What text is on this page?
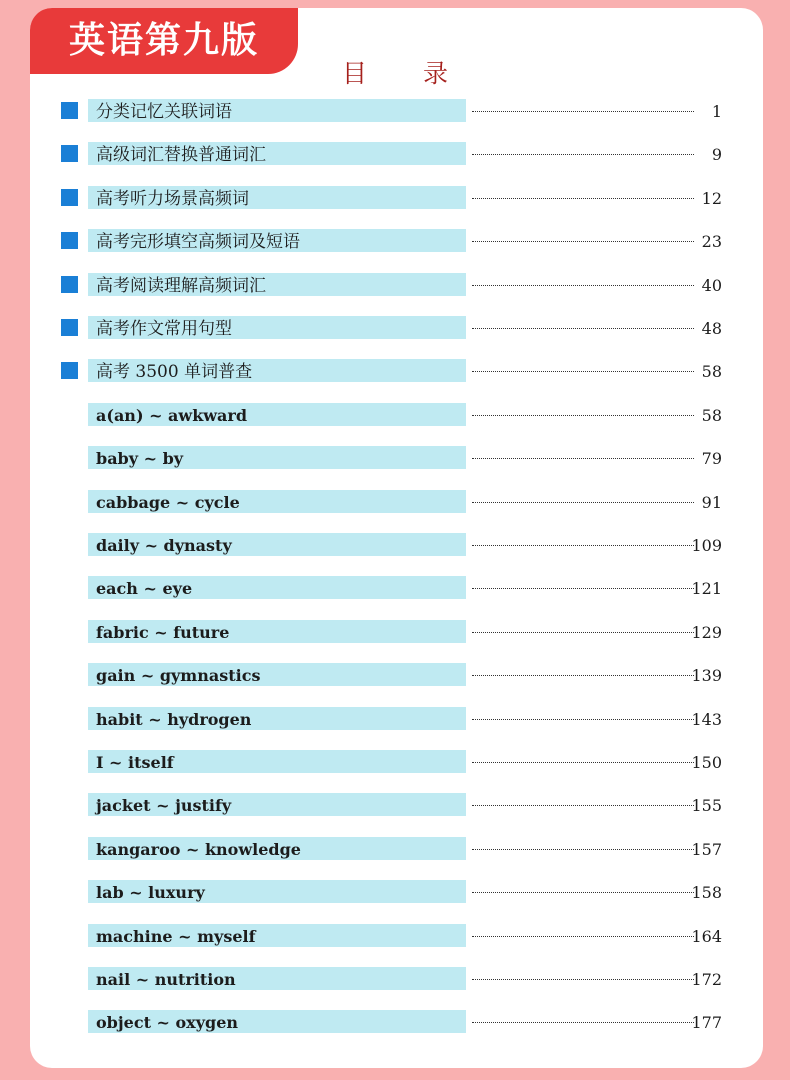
英语第九版
目 录
分类记忆关联词语	1
高级词汇替换普通词汇	9
高考听力场景高频词	12
高考完形填空高频词及短语	23
高考阅读理解高频词汇	40
高考作文常用句型	48
高考 3500 单词普查	58
a(an) ~ awkward	58
baby ~ by	79
cabbage ~ cycle	91
daily ~ dynasty	109
each ~ eye	121
fabric ~ future	129
gain ~ gymnastics	139
habit ~ hydrogen	143
I ~ itself	150
jacket ~ justify	155
kangaroo ~ knowledge	157
lab ~ luxury	158
machine ~ myself	164
nail ~ nutrition	172
object ~ oxygen	177
